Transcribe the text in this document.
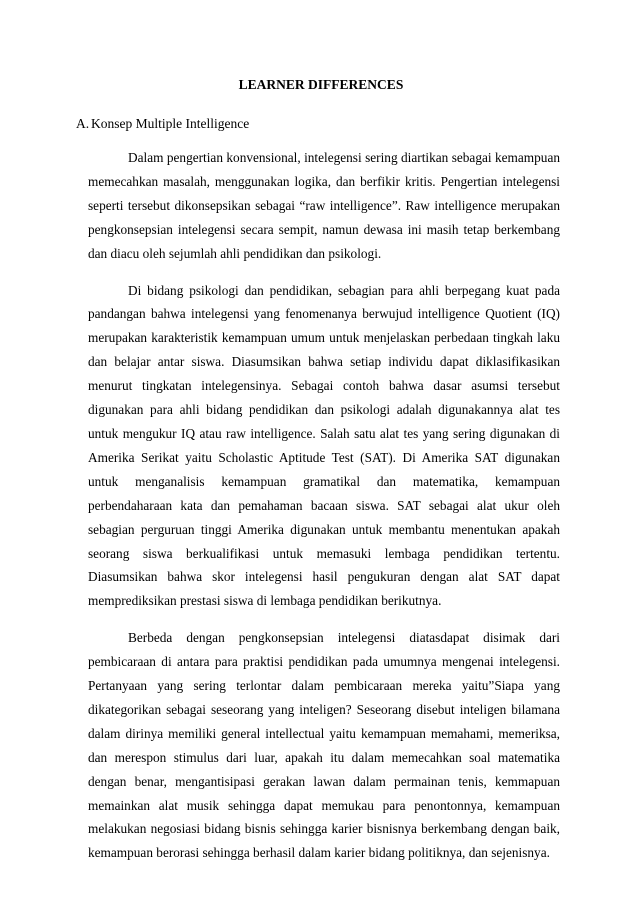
LEARNER DIFFERENCES
A. Konsep Multiple Intelligence

Dalam pengertian konvensional, intelegensi sering diartikan sebagai kemampuan memecahkan masalah, menggunakan logika, dan berfikir kritis. Pengertian intelegensi seperti tersebut dikonsepsikan sebagai “raw intelligence”. Raw intelligence merupakan pengkonsepsian intelegensi secara sempit, namun dewasa ini masih tetap berkembang dan diacu oleh sejumlah ahli pendidikan dan psikologi.

Di bidang psikologi dan pendidikan, sebagian para ahli berpegang kuat pada pandangan bahwa intelegensi yang fenomenanya berwujud intelligence Quotient (IQ) merupakan karakteristik kemampuan umum untuk menjelaskan perbedaan tingkah laku dan belajar antar siswa. Diasumsikan bahwa setiap individu dapat diklasifikasikan menurut tingkatan intelegensinya. Sebagai contoh bahwa dasar asumsi tersebut digunakan para ahli bidang pendidikan dan psikologi adalah digunakannya alat tes untuk mengukur IQ atau raw intelligence. Salah satu alat tes yang sering digunakan di Amerika Serikat yaitu Scholastic Aptitude Test (SAT). Di Amerika SAT digunakan untuk menganalisis kemampuan gramatikal dan matematika, kemampuan perbendaharaan kata dan pemahaman bacaan siswa. SAT sebagai alat ukur oleh sebagian perguruan tinggi Amerika digunakan untuk membantu menentukan apakah seorang siswa berkualifikasi untuk memasuki lembaga pendidikan tertentu. Diasumsikan bahwa skor intelegensi hasil pengukuran dengan alat SAT dapat memprediksikan prestasi siswa di lembaga pendidikan berikutnya.

Berbeda dengan pengkonsepsian intelegensi diatasdapat disimak dari pembicaraan di antara para praktisi pendidikan pada umumnya mengenai intelegensi. Pertanyaan yang sering terlontar dalam pembicaraan mereka yaitu”Siapa yang dikategorikan sebagai seseorang yang inteligen? Seseorang disebut inteligen bilamana dalam dirinya memiliki general intellectual yaitu kemampuan memahami, memeriksa, dan merespon stimulus dari luar, apakah itu dalam memecahkan soal matematika dengan benar, mengantisipasi gerakan lawan dalam permainan tenis, kemmapuan memainkan alat musik sehingga dapat memukau para penontonnya, kemampuan melakukan negosiasi bidang bisnis sehingga karier bisnisnya berkembang dengan baik, kemampuan berorasi sehingga berhasil dalam karier bidang politiknya, dan sejenisnya.
